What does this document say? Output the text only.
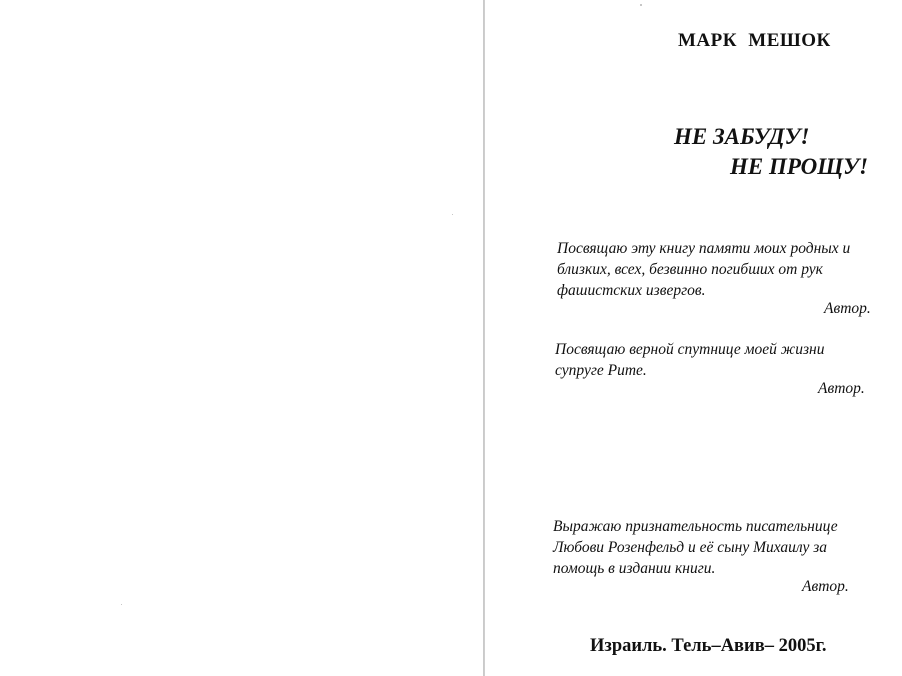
МАРК МЕШОК
НЕ ЗАБУДУ!
НЕ ПРОЩУ!
Посвящаю эту книгу памяти моих родных и
близких, всех, безвинно погибших от рук
фашистских извергов.
Автор.
Посвящаю верной спутнице моей жизни
супруге Рите.
Автор.
Выражаю признательность писательнице
Любови Розенфельд и её сыну Михаилу за
помощь в издании книги.
Автор.
Израиль. Тель–Авив– 2005г.
